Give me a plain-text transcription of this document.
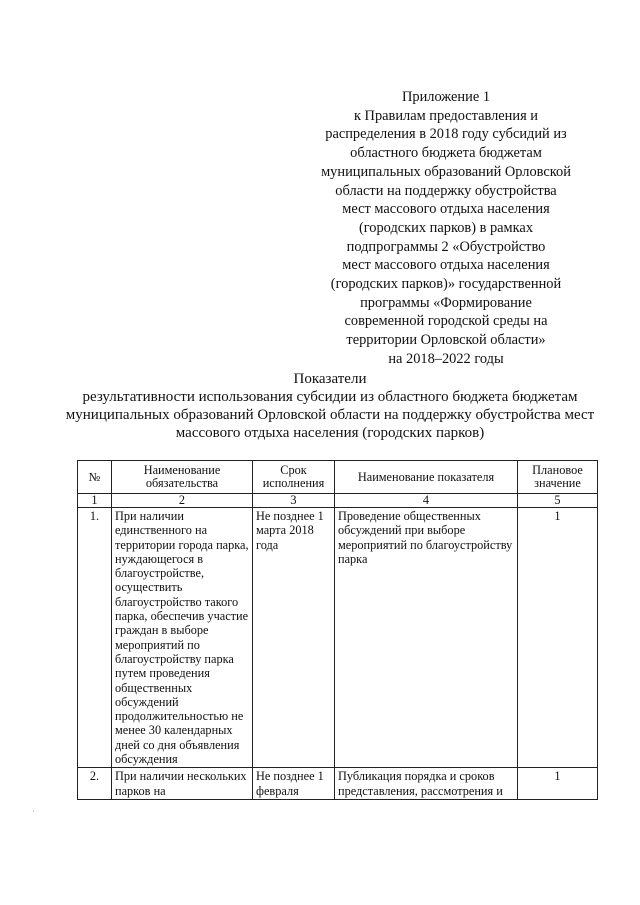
Приложение 1
к Правилам предоставления и
распределения в 2018 году субсидий из
областного бюджета бюджетам
муниципальных образований Орловской
области на поддержку обустройства
мест массового отдыха населения
(городских парков) в рамках
подпрограммы 2 «Обустройство
мест массового отдыха населения
(городских парков)» государственной
программы «Формирование
современной городской среды на
территории Орловской области»
на 2018–2022 годы
Показатели
результативности использования субсидии из областного бюджета бюджетам
муниципальных образований Орловской области на поддержку обустройства мест
массового отдыха населения (городских парков)
№	Наименование обязательства	Срок исполнения	Наименование показателя	Плановое значение
1	2	3	4	5
1.	При наличии единственного на территории города парка, нуждающегося в благоустройстве, осуществить благоустройство такого парка, обеспечив участие граждан в выборе мероприятий по благоустройству парка путем проведения общественных обсуждений продолжительностью не менее 30 календарных дней со дня объявления обсуждения	Не позднее 1 марта 2018 года	Проведение общественных обсуждений при выборе мероприятий по благоустройству парка	1
2.	При наличии нескольких парков на	Не позднее 1 февраля	Публикация порядка и сроков представления, рассмотрения и	1
·
